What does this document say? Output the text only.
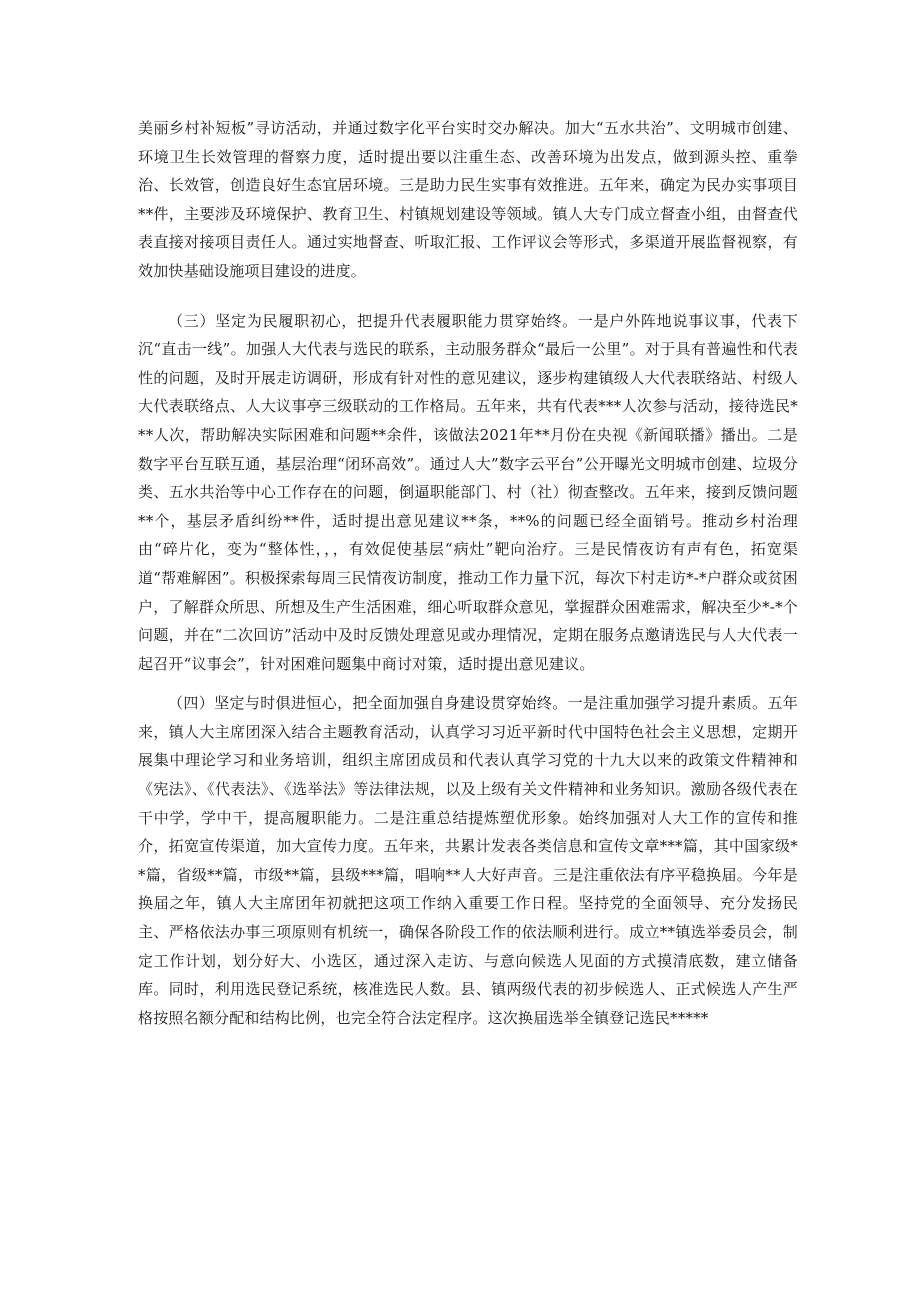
美丽乡村补短板”寻访活动，并通过数字化平台实时交办解决。加大“五水共治”、文明城市创建、环境卫生长效管理的督察力度，适时提出要以注重生态、改善环境为出发点，做到源头控、重拳治、长效管，创造良好生态宜居环境。三是助力民生实事有效推进。五年来，确定为民办实事项目**件，主要涉及环境保护、教育卫生、村镇规划建设等领域。镇人大专门成立督查小组，由督查代表直接对接项目责任人。通过实地督查、听取汇报、工作评议会等形式，多渠道开展监督视察，有效加快基础设施项目建设的进度。

（三）坚定为民履职初心，把提升代表履职能力贯穿始终。一是户外阵地说事议事，代表下沉“直击一线”。加强人大代表与选民的联系，主动服务群众“最后一公里”。对于具有普遍性和代表性的问题，及时开展走访调研，形成有针对性的意见建议，逐步构建镇级人大代表联络站、村级人大代表联络点、人大议事亭三级联动的工作格局。五年来，共有代表***人次参与活动，接待选民***人次，帮助解决实际困难和问题**余件，该做法2021年**月份在央视《新闻联播》播出。二是数字平台互联互通，基层治理“闭环高效”。通过人大”数字云平台”公开曝光文明城市创建、垃圾分类、五水共治等中心工作存在的问题，倒逼职能部门、村（社）彻查整改。五年来，接到反馈问题**个，基层矛盾纠纷**件，适时提出意见建议**条，**%的问题已经全面销号。推动乡村治理由“碎片化，变为“整体性，，，有效促使基层“病灶”靶向治疗。三是民情夜访有声有色，拓宽渠道“帮难解困”。积极探索每周三民情夜访制度，推动工作力量下沉，每次下村走访*-*户群众或贫困户，了解群众所思、所想及生产生活困难，细心听取群众意见，掌握群众困难需求，解决至少*-*个问题，并在“二次回访”活动中及时反馈处理意见或办理情况，定期在服务点邀请选民与人大代表一起召开“议事会”，针对困难问题集中商讨对策，适时提出意见建议。

（四）坚定与时俱进恒心，把全面加强自身建设贯穿始终。一是注重加强学习提升素质。五年来，镇人大主席团深入结合主题教育活动，认真学习习近平新时代中国特色社会主义思想，定期开展集中理论学习和业务培训，组织主席团成员和代表认真学习党的十九大以来的政策文件精神和《宪法》、《代表法》、《选举法》等法律法规，以及上级有关文件精神和业务知识。激励各级代表在干中学，学中干，提高履职能力。二是注重总结提炼塑优形象。始终加强对人大工作的宣传和推介，拓宽宣传渠道，加大宣传力度。五年来，共累计发表各类信息和宣传文章***篇，其中国家级**篇，省级**篇，市级**篇，县级***篇，唱响**人大好声音。三是注重依法有序平稳换届。今年是换届之年，镇人大主席团年初就把这项工作纳入重要工作日程。坚持党的全面领导、充分发扬民主、严格依法办事三项原则有机统一，确保各阶段工作的依法顺利进行。成立**镇选举委员会，制定工作计划，划分好大、小选区，通过深入走访、与意向候选人见面的方式摸清底数，建立储备库。同时，利用选民登记系统，核准选民人数。县、镇两级代表的初步候选人、正式候选人产生严格按照名额分配和结构比例，也完全符合法定程序。这次换届选举全镇登记选民*****
